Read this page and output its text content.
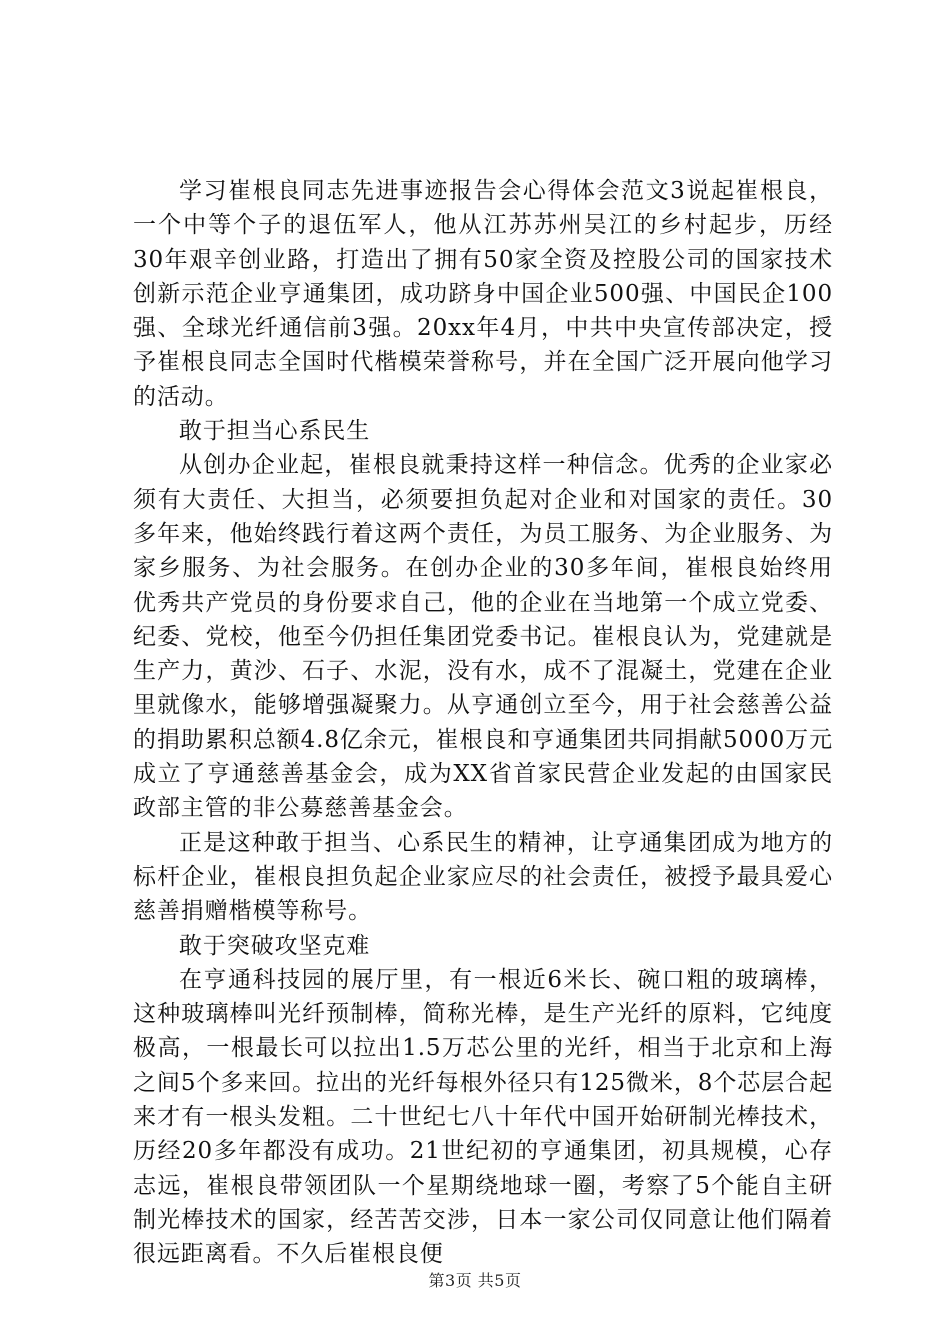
学习崔根良同志先进事迹报告会心得体会范文3说起崔根良，一个中等个子的退伍军人，他从江苏苏州吴江的乡村起步，历经30年艰辛创业路，打造出了拥有50家全资及控股公司的国家技术创新示范企业亨通集团，成功跻身中国企业500强、中国民企100强、全球光纤通信前3强。20xx年4月，中共中央宣传部决定，授予崔根良同志全国时代楷模荣誉称号，并在全国广泛开展向他学习的活动。

敢于担当心系民生

从创办企业起，崔根良就秉持这样一种信念。优秀的企业家必须有大责任、大担当，必须要担负起对企业和对国家的责任。30多年来，他始终践行着这两个责任，为员工服务、为企业服务、为家乡服务、为社会服务。在创办企业的30多年间，崔根良始终用优秀共产党员的身份要求自己，他的企业在当地第一个成立党委、纪委、党校，他至今仍担任集团党委书记。崔根良认为，党建就是生产力，黄沙、石子、水泥，没有水，成不了混凝土，党建在企业里就像水，能够增强凝聚力。从亨通创立至今，用于社会慈善公益的捐助累积总额4.8亿余元，崔根良和亨通集团共同捐献5000万元成立了亨通慈善基金会，成为XX省首家民营企业发起的由国家民政部主管的非公募慈善基金会。

正是这种敢于担当、心系民生的精神，让亨通集团成为地方的标杆企业，崔根良担负起企业家应尽的社会责任，被授予最具爱心慈善捐赠楷模等称号。

敢于突破攻坚克难

在亨通科技园的展厅里，有一根近6米长、碗口粗的玻璃棒，这种玻璃棒叫光纤预制棒，简称光棒，是生产光纤的原料，它纯度极高，一根最长可以拉出1.5万芯公里的光纤，相当于北京和上海之间5个多来回。拉出的光纤每根外径只有125微米，8个芯层合起来才有一根头发粗。二十世纪七八十年代中国开始研制光棒技术，历经20多年都没有成功。21世纪初的亨通集团，初具规模，心存志远，崔根良带领团队一个星期绕地球一圈，考察了5个能自主研制光棒技术的国家，经苦苦交涉，日本一家公司仅同意让他们隔着很远距离看。不久后崔根良便

第3页 共5页
